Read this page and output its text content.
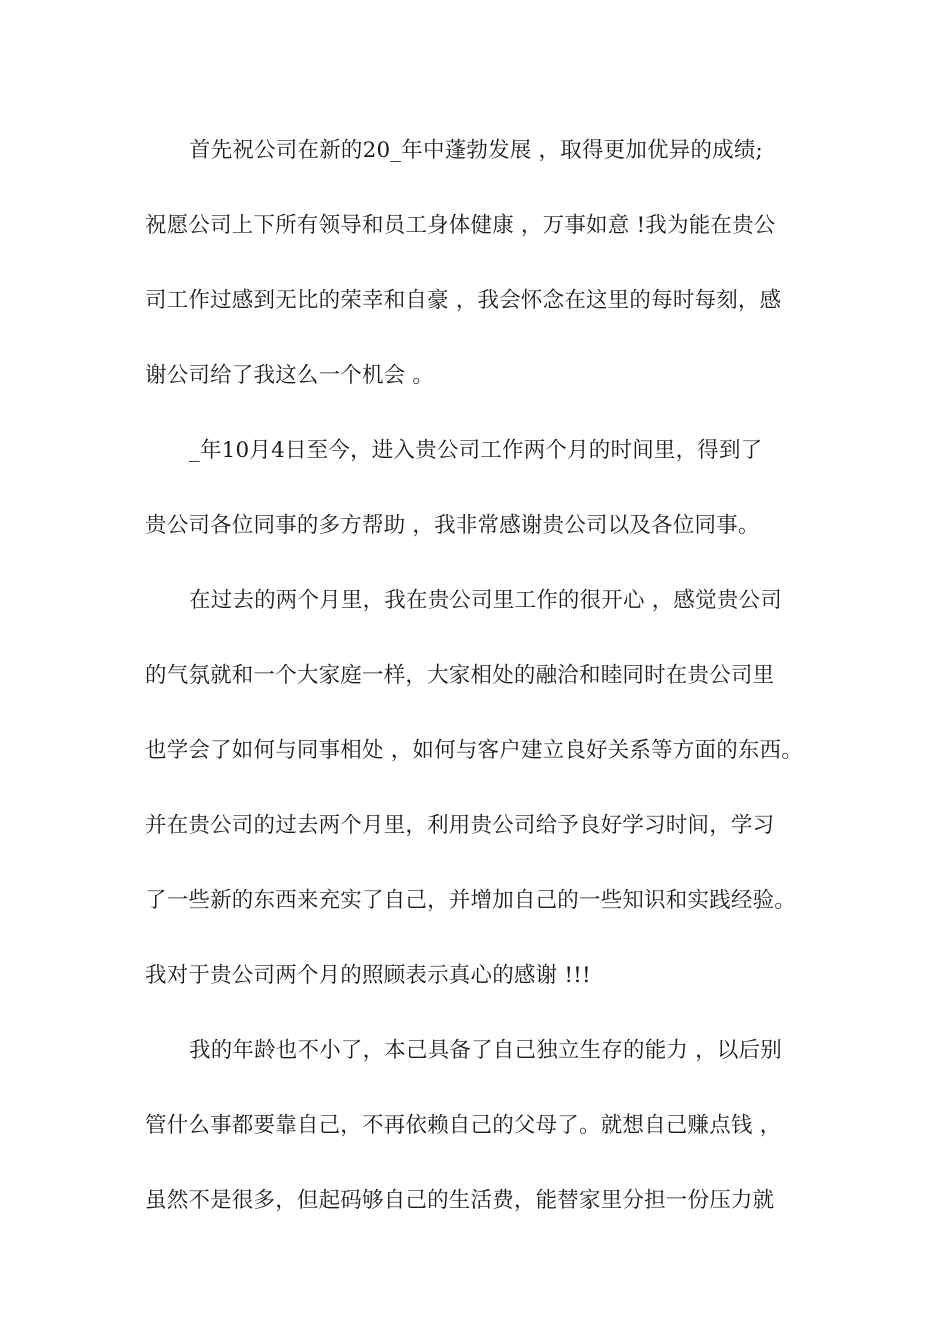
首先祝公司在新的20_年中蓬勃发展 ，取得更加优异的成绩;
祝愿公司上下所有领导和员工身体健康 ，万事如意 !我为能在贵公
司工作过感到无比的荣幸和自豪 ，我会怀念在这里的每时每刻，感
谢公司给了我这么一个机会 。
_年10月4日至今，进入贵公司工作两个月的时间里，得到了
贵公司各位同事的多方帮助 ，我非常感谢贵公司以及各位同事。
在过去的两个月里，我在贵公司里工作的很开心 ，感觉贵公司
的气氛就和一个大家庭一样，大家相处的融洽和睦同时在贵公司里
也学会了如何与同事相处 ，如何与客户建立良好关系等方面的东西。
并在贵公司的过去两个月里，利用贵公司给予良好学习时间，学习
了一些新的东西来充实了自己，并增加自己的一些知识和实践经验。
我对于贵公司两个月的照顾表示真心的感谢 !!!
我的年龄也不小了，本己具备了自己独立生存的能力 ，以后别
管什么事都要靠自己，不再依赖自己的父母了。就想自己赚点钱 ，
虽然不是很多，但起码够自己的生活费，能替家里分担一份压力就
